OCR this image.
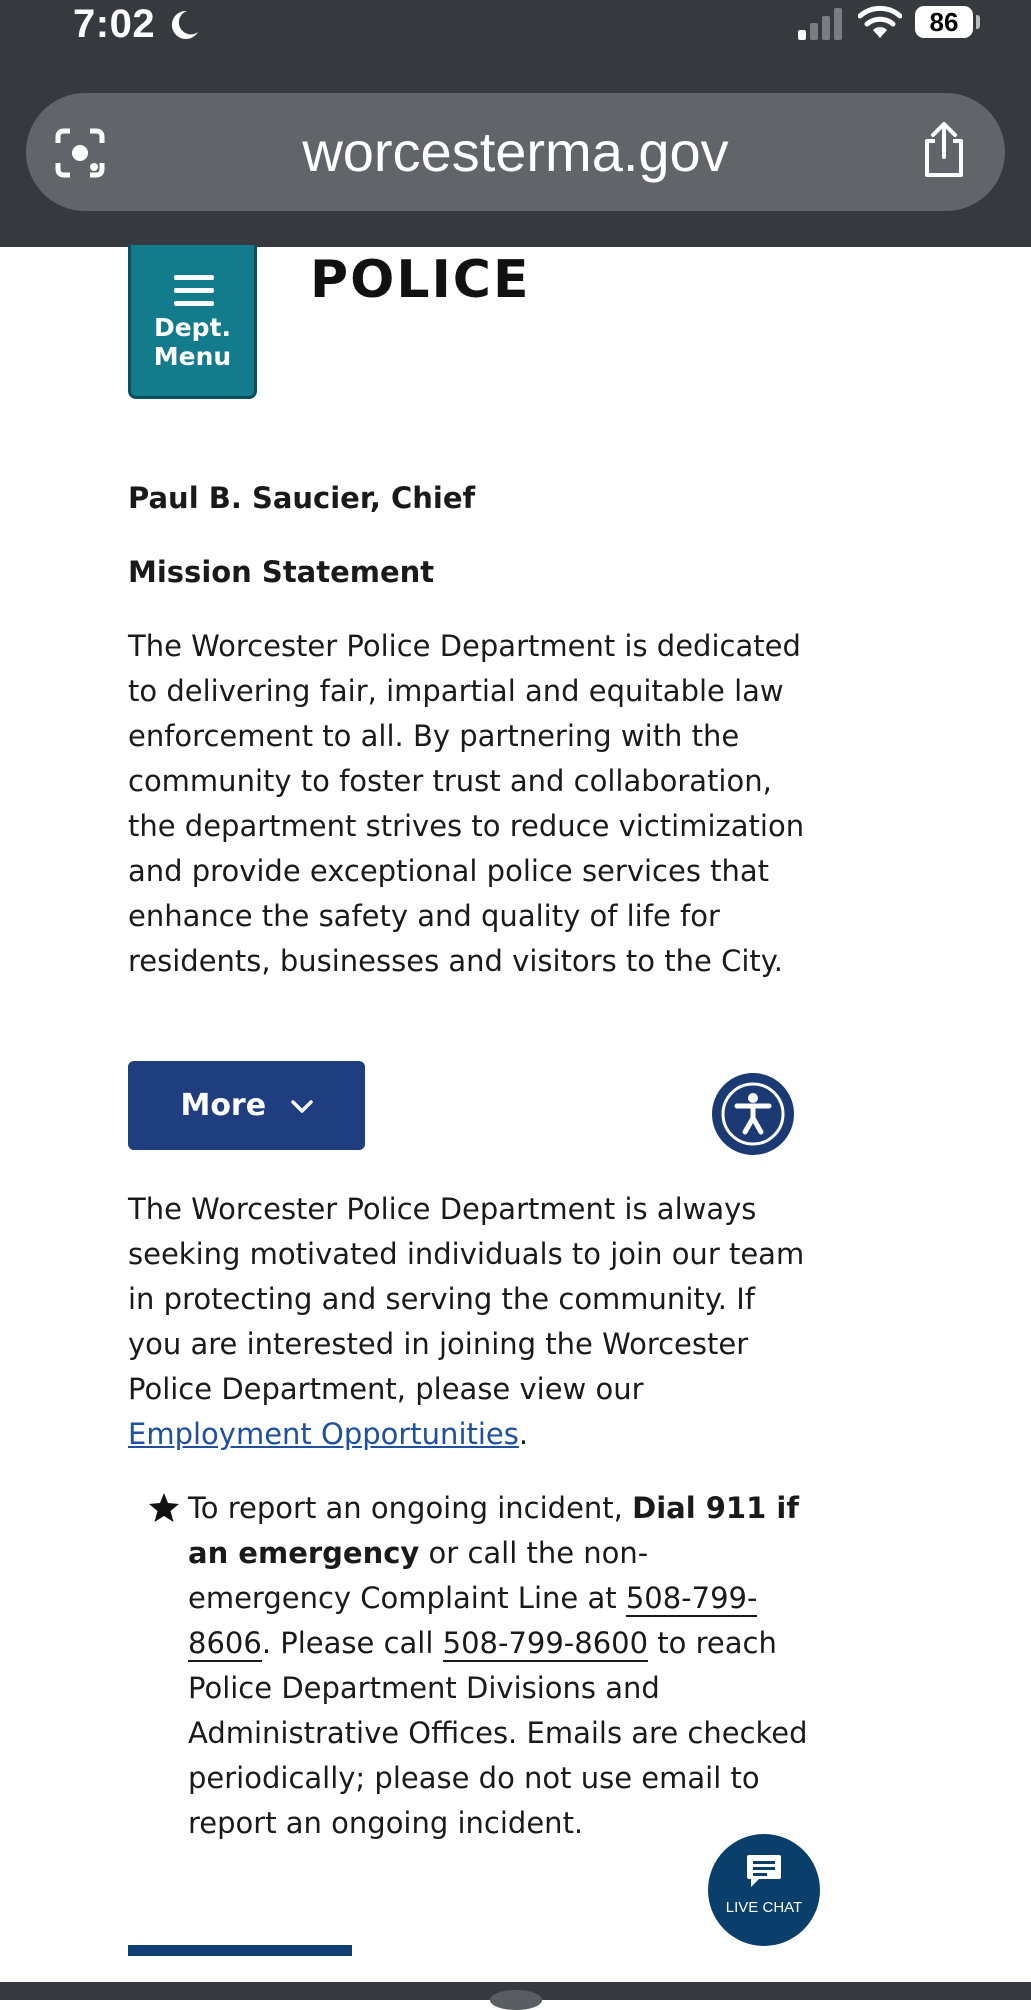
7:02	86
worcesterma.gov
Dept.
Menu
POLICE
Paul B. Saucier, Chief
Mission Statement
The Worcester Police Department is dedicated to delivering fair, impartial and equitable law enforcement to all. By partnering with the community to foster trust and collaboration, the department strives to reduce victimization and provide exceptional police services that enhance the safety and quality of life for residents, businesses and visitors to the City.
More
The Worcester Police Department is always seeking motivated individuals to join our team in protecting and serving the community. If you are interested in joining the Worcester Police Department, please view our Employment Opportunities.
To report an ongoing incident, Dial 911 if an emergency or call the non-emergency Complaint Line at 508-799-8606. Please call 508-799-8600 to reach Police Department Divisions and Administrative Offices. Emails are checked periodically; please do not use email to report an ongoing incident.
LIVE CHAT
